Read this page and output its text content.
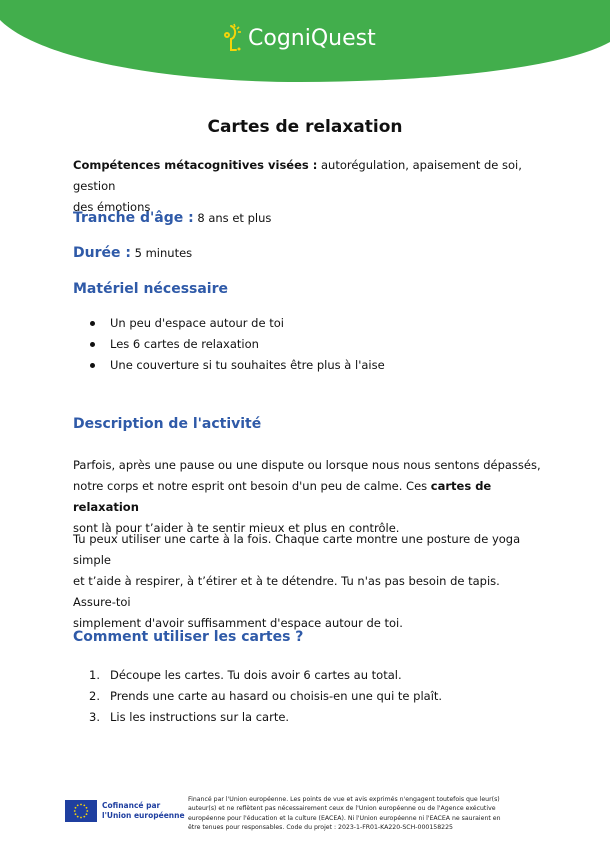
CogniQuest
Cartes de relaxation
Compétences métacognitives visées : autorégulation, apaisement de soi, gestion
des émotions
Tranche d'âge : 8 ans et plus
Durée : 5 minutes
Matériel nécessaire
Un peu d'espace autour de toi
Les 6 cartes de relaxation
Une couverture si tu souhaites être plus à l'aise
Description de l'activité
Parfois, après une pause ou une dispute ou lorsque nous nous sentons dépassés,
notre corps et notre esprit ont besoin d'un peu de calme. Ces cartes de relaxation
sont là pour t’aider à te sentir mieux et plus en contrôle.
Tu peux utiliser une carte à la fois. Chaque carte montre une posture de yoga simple
et t’aide à respirer, à t’étirer et à te détendre. Tu n'as pas besoin de tapis. Assure-toi
simplement d'avoir suffisamment d'espace autour de toi.
Comment utiliser les cartes ?
1. Découpe les cartes. Tu dois avoir 6 cartes au total.
2. Prends une carte au hasard ou choisis-en une qui te plaît.
3. Lis les instructions sur la carte.
Cofinancé par
l'Union européenne
Financé par l'Union européenne. Les points de vue et avis exprimés n'engagent toutefois que leur(s)
auteur(s) et ne reflètent pas nécessairement ceux de l'Union européenne ou de l'Agence exécutive
européenne pour l'éducation et la culture (EACEA). Ni l'Union européenne ni l'EACEA ne sauraient en
être tenues pour responsables. Code du projet : 2023-1-FR01-KA220-SCH-000158225
